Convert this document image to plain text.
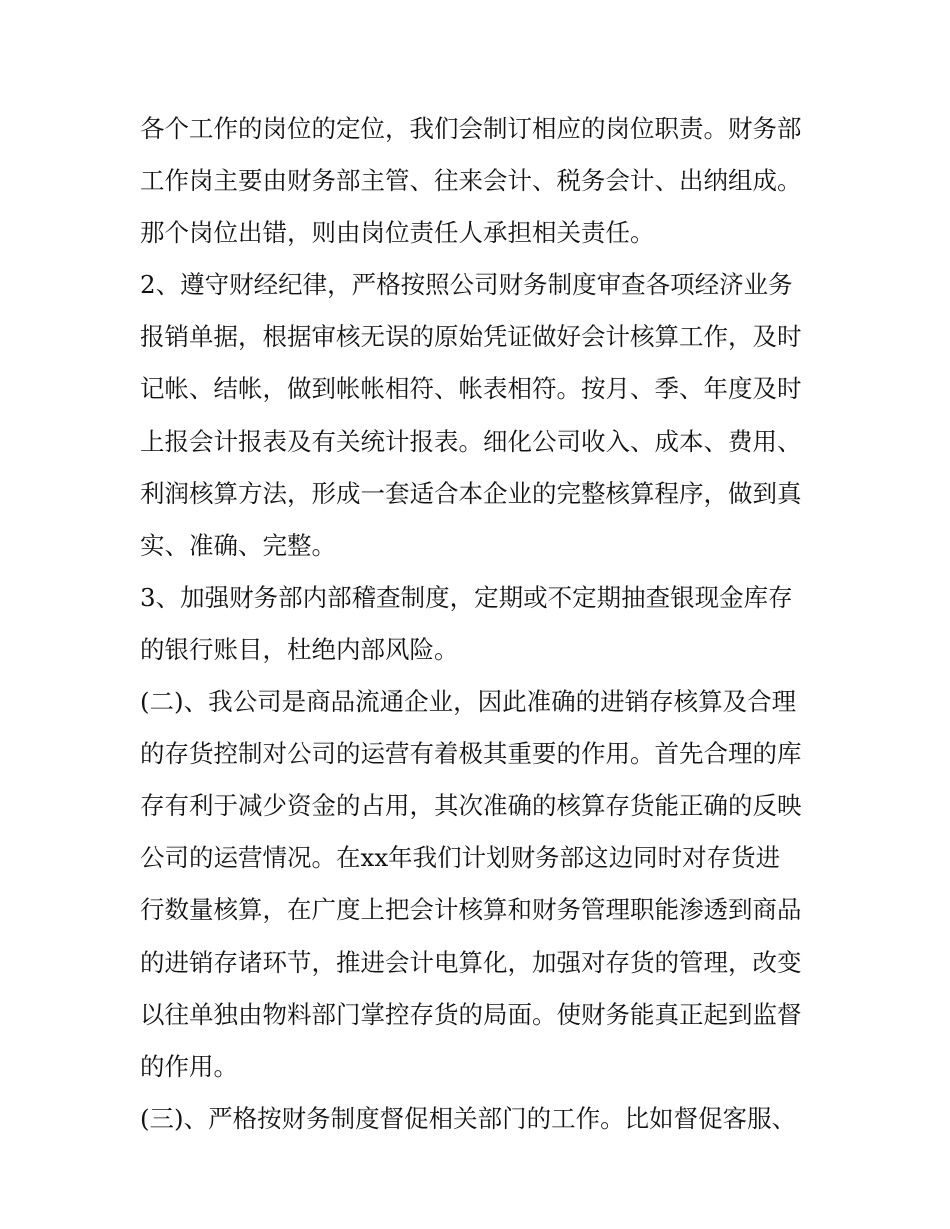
各个工作的岗位的定位，我们会制订相应的岗位职责。财务部
工作岗主要由财务部主管、往来会计、税务会计、出纳组成。
那个岗位出错，则由岗位责任人承担相关责任。
2、遵守财经纪律，严格按照公司财务制度审查各项经济业务
报销单据，根据审核无误的原始凭证做好会计核算工作，及时
记帐、结帐，做到帐帐相符、帐表相符。按月、季、年度及时
上报会计报表及有关统计报表。细化公司收入、成本、费用、
利润核算方法，形成一套适合本企业的完整核算程序，做到真
实、准确、完整。
3、加强财务部内部稽查制度，定期或不定期抽查银现金库存
的银行账目，杜绝内部风险。
(二)、我公司是商品流通企业，因此准确的进销存核算及合理
的存货控制对公司的运营有着极其重要的作用。首先合理的库
存有利于减少资金的占用，其次准确的核算存货能正确的反映
公司的运营情况。在xx年我们计划财务部这边同时对存货进
行数量核算，在广度上把会计核算和财务管理职能渗透到商品
的进销存诸环节，推进会计电算化，加强对存货的管理，改变
以往单独由物料部门掌控存货的局面。使财务能真正起到监督
的作用。
(三)、严格按财务制度督促相关部门的工作。比如督促客服、
